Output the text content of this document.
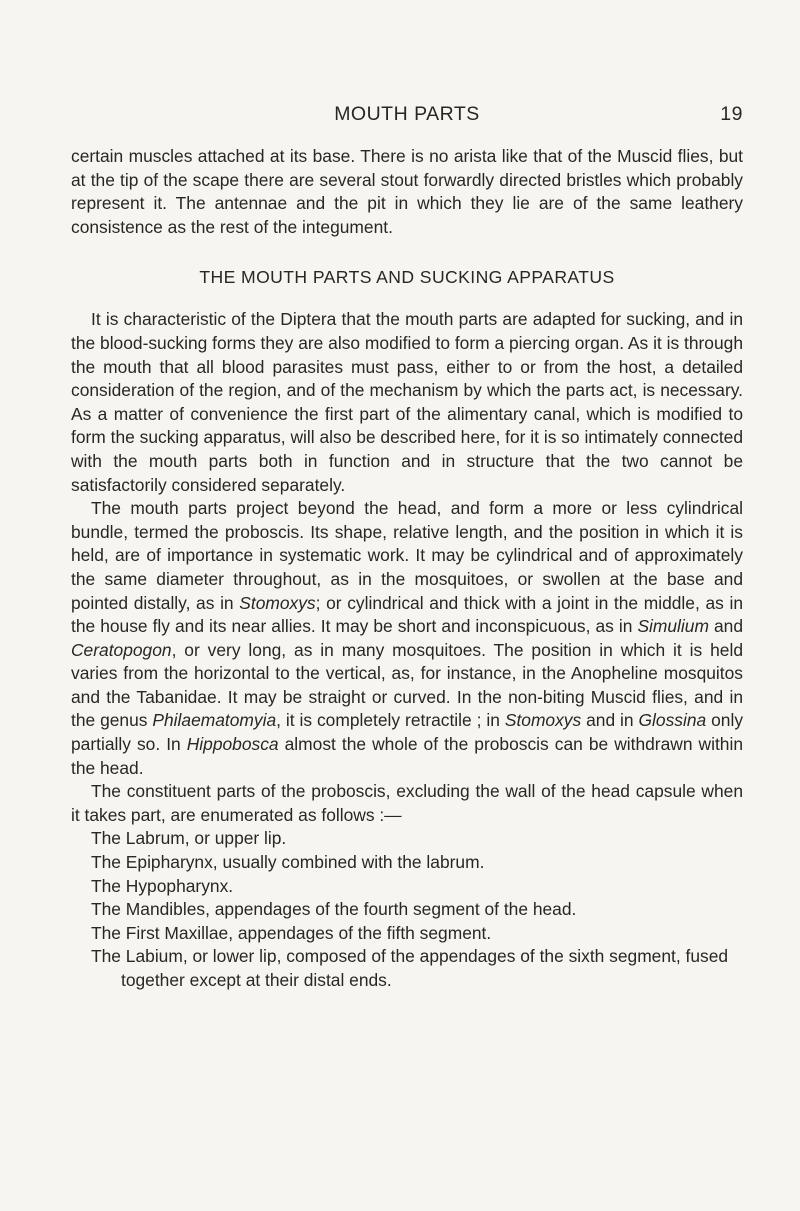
MOUTH PARTS	19

certain muscles attached at its base. There is no arista like that of the Muscid flies, but at the tip of the scape there are several stout forwardly directed bristles which probably represent it. The antennae and the pit in which they lie are of the same leathery consistence as the rest of the integument.

THE MOUTH PARTS AND SUCKING APPARATUS

It is characteristic of the Diptera that the mouth parts are adapted for sucking, and in the blood-sucking forms they are also modified to form a piercing organ. As it is through the mouth that all blood parasites must pass, either to or from the host, a detailed consideration of the region, and of the mechanism by which the parts act, is necessary. As a matter of convenience the first part of the alimentary canal, which is modified to form the sucking apparatus, will also be described here, for it is so intimately connected with the mouth parts both in function and in structure that the two cannot be satisfactorily considered separately.

The mouth parts project beyond the head, and form a more or less cylindrical bundle, termed the proboscis. Its shape, relative length, and the position in which it is held, are of importance in systematic work. It may be cylindrical and of approximately the same diameter throughout, as in the mosquitoes, or swollen at the base and pointed distally, as in Stomoxys; or cylindrical and thick with a joint in the middle, as in the house fly and its near allies. It may be short and inconspicuous, as in Simulium and Ceratopogon, or very long, as in many mosquitoes. The position in which it is held varies from the horizontal to the vertical, as, for instance, in the Anopheline mosquitos and the Tabanidae. It may be straight or curved. In the non-biting Muscid flies, and in the genus Philaematomyia, it is completely retractile ; in Stomoxys and in Glossina only partially so. In Hippobosca almost the whole of the proboscis can be withdrawn within the head.

The constituent parts of the proboscis, excluding the wall of the head capsule when it takes part, are enumerated as follows :—

The Labrum, or upper lip.
The Epipharynx, usually combined with the labrum.
The Hypopharynx.
The Mandibles, appendages of the fourth segment of the head.
The First Maxillae, appendages of the fifth segment.
The Labium, or lower lip, composed of the appendages of the sixth segment, fused together except at their distal ends.
